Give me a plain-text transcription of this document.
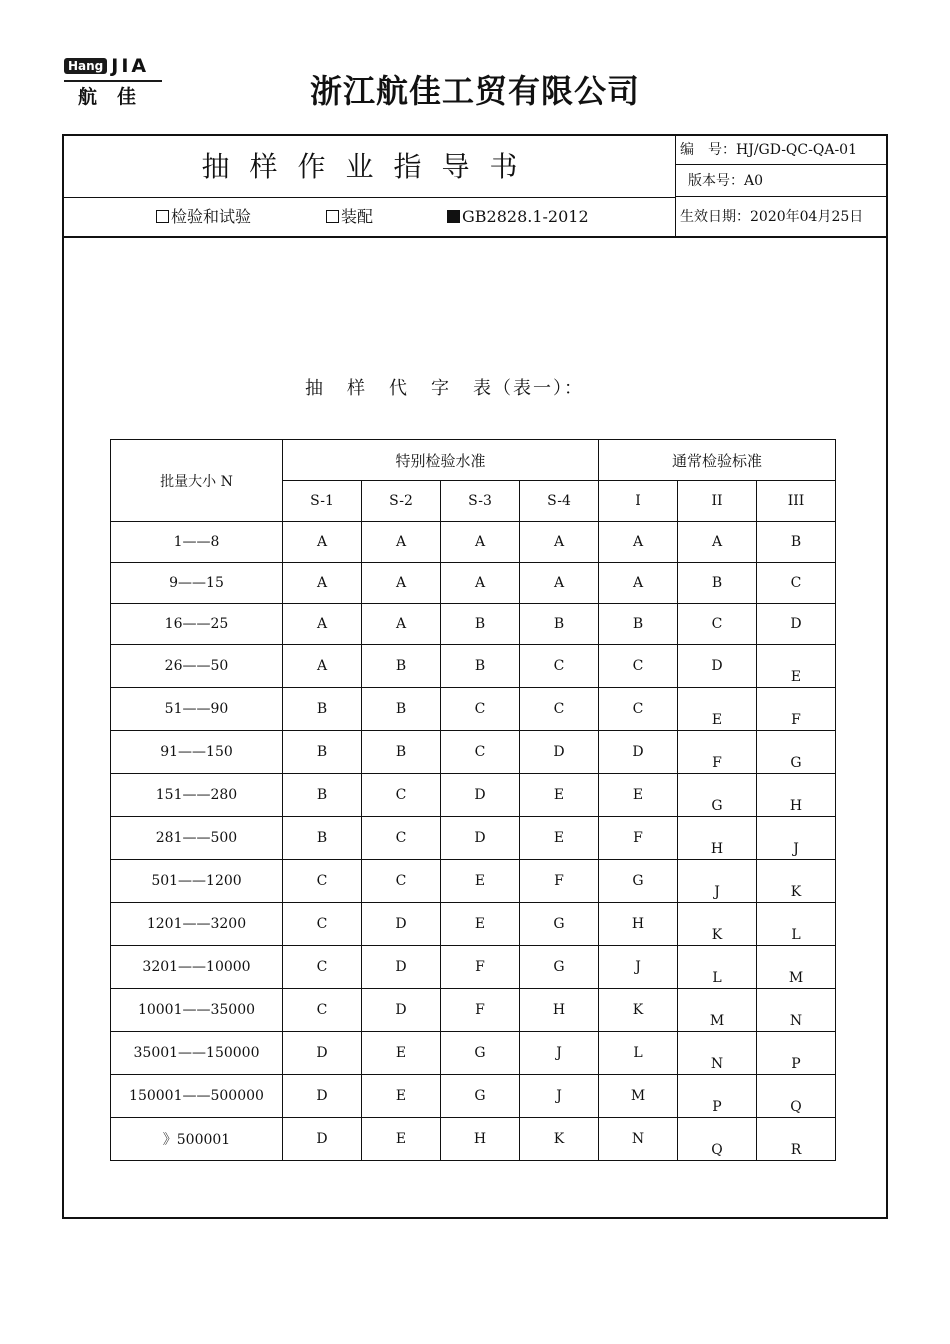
Hang JIA
航佳	浙江航佳工贸有限公司
抽样作业指导书	编　号：HJ/GD-QC-QA-01
版本号：A0
检验和试验	装配	GB2828.1-2012	生效日期：2020年04月25日
抽 样 代 字 表（表一）：
批量大小 N	特别检验水准				通常检验标准		
	S-1	S-2	S-3	S-4	I	II	III
1——8	A	A	A	A	A	A	B
9——15	A	A	A	A	A	B	C
16——25	A	A	B	B	B	C	D
26——50	A	B	B	C	C	D	E
51——90	B	B	C	C	C	E	F
91——150	B	B	C	D	D	F	G
151——280	B	C	D	E	E	G	H
281——500	B	C	D	E	F	H	J
501——1200	C	C	E	F	G	J	K
1201——3200	C	D	E	G	H	K	L
3201——10000	C	D	F	G	J	L	M
10001——35000	C	D	F	H	K	M	N
35001——150000	D	E	G	J	L	N	P
150001——500000	D	E	G	J	M	P	Q
》500001	D	E	H	K	N	Q	R
